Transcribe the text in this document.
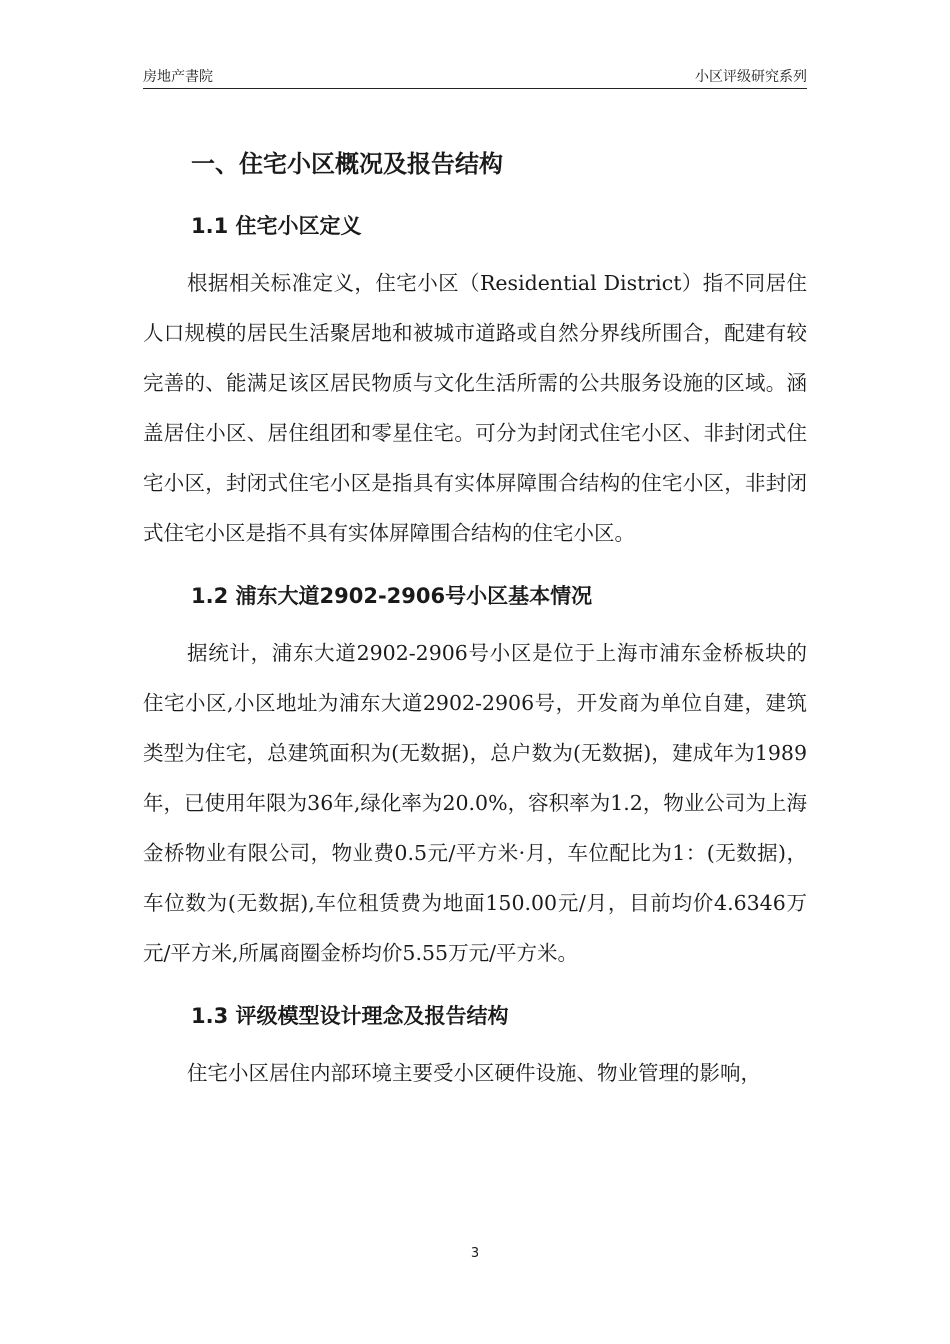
房地产書院	小区评级研究系列
一、住宅小区概况及报告结构
1.1 住宅小区定义

根据相关标准定义，住宅小区（Residential District）指不同居住人口规模的居民生活聚居地和被城市道路或自然分界线所围合，配建有较完善的、能满足该区居民物质与文化生活所需的公共服务设施的区域。涵盖居住小区、居住组团和零星住宅。可分为封闭式住宅小区、非封闭式住宅小区，封闭式住宅小区是指具有实体屏障围合结构的住宅小区，非封闭式住宅小区是指不具有实体屏障围合结构的住宅小区。

1.2 浦东大道2902-2906号小区基本情况

据统计，浦东大道2902-2906号小区是位于上海市浦东金桥板块的住宅小区,小区地址为浦东大道2902-2906号，开发商为单位自建，建筑类型为住宅，总建筑面积为(无数据)，总户数为(无数据)，建成年为1989年，已使用年限为36年,绿化率为20.0%，容积率为1.2，物业公司为上海金桥物业有限公司，物业费0.5元/平方米·月，车位配比为1：(无数据)，车位数为(无数据),车位租赁费为地面150.00元/月，目前均价4.6346万元/平方米,所属商圈金桥均价5.55万元/平方米。

1.3 评级模型设计理念及报告结构

住宅小区居住内部环境主要受小区硬件设施、物业管理的影响，

3
